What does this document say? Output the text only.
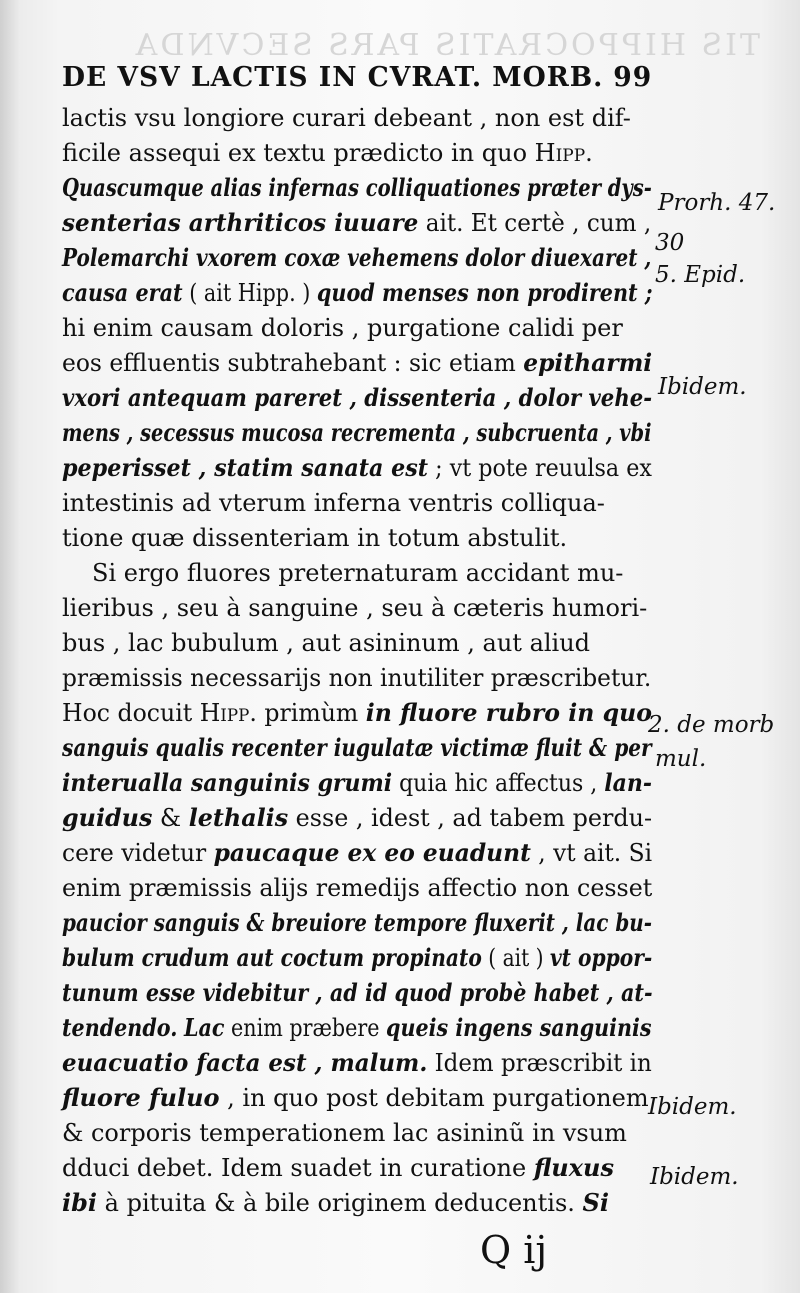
TIS HIPPOCRATIS PARS SECVNDA
DE VSV LACTIS IN CVRAT. MORB. 99
lactis vsu longiore curari debeant , non est dif-
ficile assequi ex textu prædicto in quo Hipp.
Quascumque alias infernas colliquationes præter dys-
senterias arthriticos iuuare ait. Et certè , cum ,
Polemarchi vxorem coxæ vehemens dolor diuexaret ,
causa erat ( ait Hipp. ) quod menses non prodirent ;
hi enim causam doloris , purgatione calidi per
eos effluentis subtrahebant : sic etiam epitharmi
vxori antequam pareret , dissenteria , dolor vehe-
mens , secessus mucosa recrementa , subcruenta , vbi
peperisset , statim sanata est ; vt pote reuulsa ex
intestinis ad vterum inferna ventris colliqua-
tione quæ dissenteriam in totum abstulit.
Si ergo fluores preternaturam accidant mu-
lieribus , seu à sanguine , seu à cæteris humori-
bus , lac bubulum , aut asininum , aut aliud
præmissis necessarijs non inutiliter præscribetur.
Hoc docuit Hipp. primùm in fluore rubro in quo
sanguis qualis recenter iugulatæ victimæ fluit & per
interualla sanguinis grumi quia hic affectus , lan-
guidus & lethalis esse , idest , ad tabem perdu-
cere videtur paucaque ex eo euadunt , vt ait. Si
enim præmissis alijs remedijs affectio non cesset
paucior sanguis & breuiore tempore fluxerit , lac bu-
bulum crudum aut coctum propinato ( ait ) vt oppor-
tunum esse videbitur , ad id quod probè habet , at-
tendendo. Lac enim præbere queis ingens sanguinis
euacuatio facta est , malum. Idem præscribit in
fluore fuluo , in quo post debitam purgationem
& corporis temperationem lac asininũ in vsum
dduci debet. Idem suadet in curatione fluxus
ibi à pituita & à bile originem deducentis. Si
Prorh. 47.
30
5. Epid.
Ibidem.
2. de morb
mul.
Ibidem.
Ibidem.
Q ij
